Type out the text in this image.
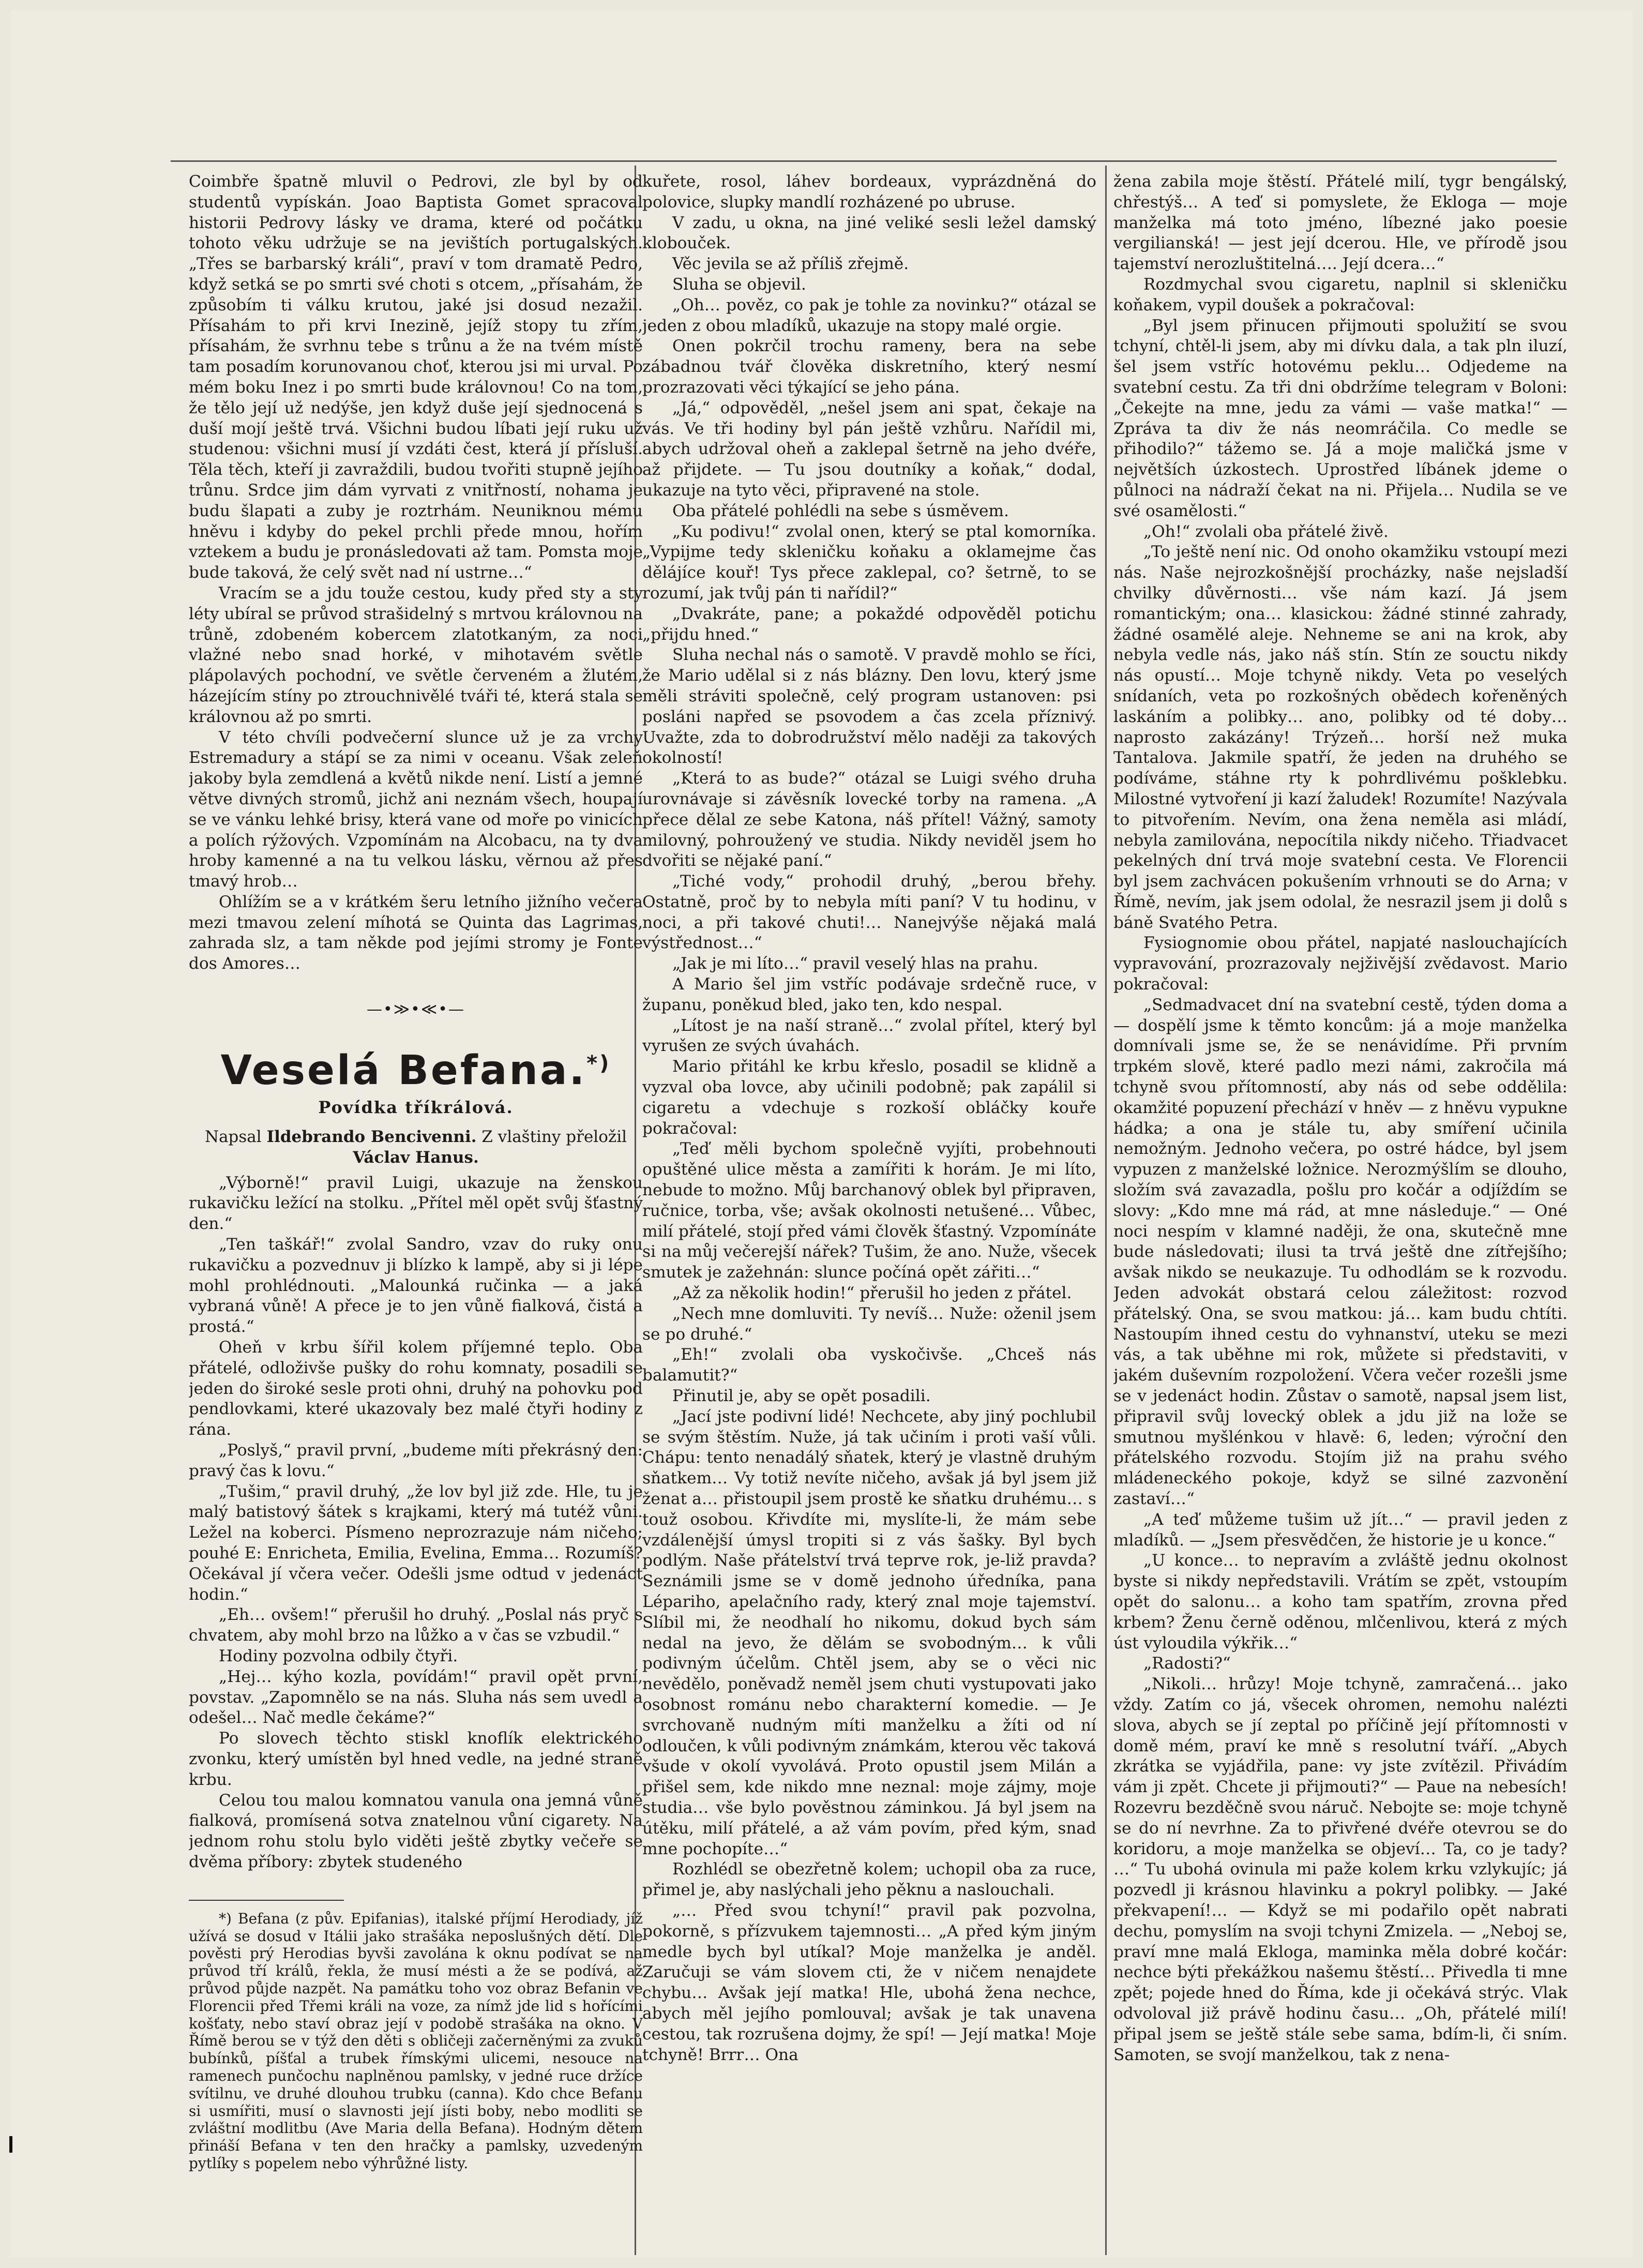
Coimbře špatně mluvil o Pedrovi, zle byl by od studentů vypískán. Joao Baptista Gomet spracoval historii Pedrovy lásky ve drama, které od počátku tohoto věku udržuje se na jevištích portugalských. „Třes se barbarský králi“, praví v tom dramatě Pedro, když setká se po smrti své choti s otcem, „přísahám, že způsobím ti válku krutou, jaké jsi dosud nezažil. Přísahám to při krvi Inezině, jejíž stopy tu zřím, přísahám, že svrhnu tebe s trůnu a že na tvém místě tam posadím korunovanou choť, kterou jsi mi urval. Po mém boku Inez i po smrti bude královnou! Co na tom, že tělo její už nedýše, jen když duše její sjednocená s duší mojí ještě trvá. Všichni budou líbati její ruku už studenou: všichni musí jí vzdáti čest, která jí přísluší. Těla těch, kteří ji zavraždili, budou tvořiti stupně jejího trůnu. Srdce jim dám vyrvati z vnitřností, nohama je budu šlapati a zuby je roztrhám. Neuniknou mému hněvu i kdyby do pekel prchli přede mnou, hořím vztekem a budu je pronásledovati až tam. Pomsta moje bude taková, že celý svět nad ní ustrne…“

Vracím se a jdu touže cestou, kudy před sty a sty léty ubíral se průvod strašidelný s mrtvou královnou na trůně, zdobeném kobercem zlatotkaným, za noci vlažné nebo snad horké, v mihotavém světle plápolavých pochodní, ve světle červeném a žlutém, házejícím stíny po ztrouchnivělé tváři té, která stala se královnou až po smrti.

V této chvíli podvečerní slunce už je za vrchy Estremadury a stápí se za nimi v oceanu. Však zeleň jakoby byla zemdlená a květů nikde není. Listí a jemné větve divných stromů, jichž ani neznám všech, houpají se ve vánku lehké brisy, která vane od moře po vinicích a polích rýžových. Vzpomínám na Alcobacu, na ty dva hroby kamenné a na tu velkou lásku, věrnou až přes tmavý hrob…

Ohlížím se a v krátkém šeru letního jižního večera mezi tmavou zelení míhotá se Quinta das Lagrimas, zahrada slz, a tam někde pod jejími stromy je Fonte dos Amores…

—•≫•≪•—
Veselá Befana.*)
Povídka tříkrálová.
Napsal Ildebrando Bencivenni. Z vlaštiny přeložil Václav Hanus.

„Výborně!“ pravil Luigi, ukazuje na ženskou rukavičku ležící na stolku. „Přítel měl opět svůj šťastný den.“

„Ten taškář!“ zvolal Sandro, vzav do ruky onu rukavičku a pozvednuv ji blízko k lampě, aby si ji lépe mohl prohlédnouti. „Malounká ručinka — a jaká vybraná vůně! A přece je to jen vůně fialková, čistá a prostá.“

Oheň v krbu šířil kolem příjemné teplo. Oba přátelé, odloživše pušky do rohu komnaty, posadili se jeden do široké sesle proti ohni, druhý na pohovku pod pendlovkami, které ukazovaly bez malé čtyři hodiny z rána.

„Poslyš,“ pravil první, „budeme míti překrásný den: pravý čas k lovu.“

„Tušim,“ pravil druhý, „že lov byl již zde. Hle, tu je malý batistový šátek s krajkami, který má tutéž vůni. Ležel na koberci. Písmeno neprozrazuje nám ničeho; pouhé E: Enricheta, Emilia, Evelina, Emma… Rozumíš? Očekával jí včera večer. Odešli jsme odtud v jedenáct hodin.“

„Eh… ovšem!“ přerušil ho druhý. „Poslal nás pryč s chvatem, aby mohl brzo na lůžko a v čas se vzbudil.“

Hodiny pozvolna odbily čtyři.

„Hej… kýho kozla, povídám!“ pravil opět první, povstav. „Zapomnělo se na nás. Sluha nás sem uvedl a odešel… Nač medle čekáme?“

Po slovech těchto stiskl knoflík elektrického zvonku, který umístěn byl hned vedle, na jedné straně krbu.

Celou tou malou komnatou vanula ona jemná vůně fialková, promísená sotva znatelnou vůní cigarety. Na jednom rohu stolu bylo viděti ještě zbytky večeře se dvěma příbory: zbytek studeného

*) Befana (z pův. Epifanias), italské příjmí Herodiady, jíž užívá se dosud v Itálii jako strašáka neposlušných dětí. Dle pověsti prý Herodias byvši zavolána k oknu podívat se na průvod tří králů, řekla, že musí mésti a že se podívá, až průvod půjde nazpět. Na památku toho voz obraz Befanin ve Florencii před Třemi králi na voze, za nímž jde lid s hořícími košťaty, nebo staví obraz její v podobě strašáka na okno. V Římě berou se v týž den děti s obličeji začerněnými za zvuků bubínků, píšťal a trubek římskými ulicemi, nesouce na ramenech punčochu naplněnou pamlsky, v jedné ruce držíce svítilnu, ve druhé dlouhou trubku (canna). Kdo chce Befanu si usmířiti, musí o slavnosti její jísti boby, nebo modliti se zvláštní modlitbu (Ave Maria della Befana). Hodným dětem přináší Befana v ten den hračky a pamlsky, uzvedeným pytlíky s popelem nebo výhrůžné listy.

kuřete, rosol, láhev bordeaux, vyprázdněná do polovice, slupky mandlí rozházené po ubruse.

V zadu, u okna, na jiné veliké sesli ležel damský klobouček.

Věc jevila se až příliš zřejmě.

Sluha se objevil.

„Oh… pověz, co pak je tohle za novinku?“ otázal se jeden z obou mladíků, ukazuje na stopy malé orgie.

Onen pokrčil trochu rameny, bera na sebe zábadnou tvář člověka diskretního, který nesmí prozrazovati věci týkající se jeho pána.

„Já,“ odpověděl, „nešel jsem ani spat, čekaje na vás. Ve tři hodiny byl pán ještě vzhůru. Nařídil mi, abych udržoval oheň a zaklepal šetrně na jeho dvéře, až přijdete. — Tu jsou doutníky a koňak,“ dodal, ukazuje na tyto věci, připravené na stole.

Oba přátelé pohlédli na sebe s úsměvem.

„Ku podivu!“ zvolal onen, který se ptal komorníka. „Vypijme tedy skleničku koňaku a oklamejme čas dělájíce kouř! Tys přece zaklepal, co? šetrně, to se rozumí, jak tvůj pán ti nařídil?“

„Dvakráte, pane; a pokaždé odpověděl potichu „přijdu hned.“

Sluha nechal nás o samotě. V pravdě mohlo se říci, že Mario udělal si z nás blázny. Den lovu, který jsme měli stráviti společně, celý program ustanoven: psi posláni napřed se psovodem a čas zcela příznivý. Uvažte, zda to dobrodružství mělo naději za takových okolností!

„Která to as bude?“ otázal se Luigi svého druha urovnávaje si závěsník lovecké torby na ramena. „A přece dělal ze sebe Katona, náš přítel! Vážný, samoty milovný, pohroužený ve studia. Nikdy neviděl jsem ho dvořiti se nějaké paní.“

„Tiché vody,“ prohodil druhý, „berou břehy. Ostatně, proč by to nebyla míti paní? V tu hodinu, v noci, a při takové chuti!… Nanejvýše nějaká malá výstřednost…“

„Jak je mi líto…“ pravil veselý hlas na prahu.

A Mario šel jim vstříc podávaje srdečně ruce, v županu, poněkud bled, jako ten, kdo nespal.

„Lítost je na naší straně…“ zvolal přítel, který byl vyrušen ze svých úvahách.

Mario přitáhl ke krbu křeslo, posadil se klidně a vyzval oba lovce, aby učinili podobně; pak zapálil si cigaretu a vdechuje s rozkoší obláčky kouře pokračoval:

„Teď měli bychom společně vyjíti, probehnouti opuštěné ulice města a zamířiti k horám. Je mi líto, nebude to možno. Můj barchanový oblek byl připraven, ručnice, torba, vše; avšak okolnosti netušené… Vůbec, milí přátelé, stojí před vámi člověk šťastný. Vzpomínáte si na můj večerejší nářek? Tušim, že ano. Nuže, všecek smutek je zažehnán: slunce počíná opět zářiti…“

„Až za několik hodin!“ přerušil ho jeden z přátel.

„Nech mne domluviti. Ty nevíš… Nuže: oženil jsem se po druhé.“

„Eh!“ zvolali oba vyskočivše. „Chceš nás balamutit?“

Přinutil je, aby se opět posadili.

„Jací jste podivní lidé! Nechcete, aby jiný pochlubil se svým štěstím. Nuže, já tak učiním i proti vaší vůli. Chápu: tento nenadálý sňatek, který je vlastně druhým sňatkem… Vy totiž nevíte ničeho, avšak já byl jsem již ženat a… přistoupil jsem prostě ke sňatku druhému… s touž osobou. Křivdíte mi, myslíte-li, že mám sebe vzdálenější úmysl tropiti si z vás šašky. Byl bych podlým. Naše přátelství trvá teprve rok, je-liž pravda? Seznámili jsme se v domě jednoho úředníka, pana Lépariho, apelačního rady, který znal moje tajemství. Slíbil mi, že neodhalí ho nikomu, dokud bych sám nedal na jevo, že dělám se svobodným… k vůli podivným účelům. Chtěl jsem, aby se o věci nic nevědělo, poněvadž neměl jsem chuti vystupovati jako osobnost románu nebo charakterní komedie. — Je svrchovaně nudným míti manželku a žíti od ní odloučen, k vůli podivným známkám, kterou věc taková všude v okolí vyvolává. Proto opustil jsem Milán a přišel sem, kde nikdo mne neznal: moje zájmy, moje studia… vše bylo pověstnou záminkou. Já byl jsem na útěku, milí přátelé, a až vám povím, před kým, snad mne pochopíte…“

Rozhlédl se obezřetně kolem; uchopil oba za ruce, přimel je, aby naslýchali jeho pěknu a naslouchali.

„… Před svou tchyní!“ pravil pak pozvolna, pokorně, s přízvukem tajemnosti… „A před kým jiným medle bych byl utíkal? Moje manželka je anděl. Zaručuji se vám slovem cti, že v ničem nenajdete chybu… Avšak její matka! Hle, ubohá žena nechce, abych měl jejího pomlouval; avšak je tak unavena cestou, tak rozrušena dojmy, že spí! — Její matka! Moje tchyně! Brrr… Ona

žena zabila moje štěstí. Přátelé milí, tygr bengálský, chřestýš… A teď si pomyslete, že Ekloga — moje manželka má toto jméno, líbezné jako poesie vergilianská! — jest její dcerou. Hle, ve přírodě jsou tajemství nerozluštitelná…. Její dcera…“

Rozdmychal svou cigaretu, naplnil si skleničku koňakem, vypil doušek a pokračoval:

„Byl jsem přinucen přijmouti spolužití se svou tchyní, chtěl-li jsem, aby mi dívku dala, a tak pln iluzí, šel jsem vstříc hotovému peklu… Odjedeme na svatební cestu. Za tři dni obdržíme telegram v Boloni: „Čekejte na mne, jedu za vámi — vaše matka!“ — Zpráva ta div že nás neomráčila. Co medle se přihodilo?“ tážemo se. Já a moje maličká jsme v největších úzkostech. Uprostřed líbánek jdeme o půlnoci na nádraží čekat na ni. Přijela… Nudila se ve své osamělosti.“

„Oh!“ zvolali oba přátelé živě.

„To ještě není nic. Od onoho okamžiku vstoupí mezi nás. Naše nejrozkošnější procházky, naše nejsladší chvilky důvěrnosti… vše nám kazí. Já jsem romantickým; ona… klasickou: žádné stinné zahrady, žádné osamělé aleje. Nehneme se ani na krok, aby nebyla vedle nás, jako náš stín. Stín ze souctu nikdy nás opustí… Moje tchyně nikdy. Veta po veselých snídaních, veta po rozkošných obědech kořeněných laskáním a polibky… ano, polibky od té doby… naprosto zakázány! Trýzeň… horší než muka Tantalova. Jakmile spatří, že jeden na druhého se podíváme, stáhne rty k pohrdlivému pošklebku. Milostné vytvoření ji kazí žaludek! Rozumíte! Nazývala to pitvořením. Nevím, ona žena neměla asi mládí, nebyla zamilována, nepocítila nikdy ničeho. Třiadvacet pekelných dní trvá moje svatební cesta. Ve Florencii byl jsem zachvácen pokušením vrhnouti se do Arna; v Římě, nevím, jak jsem odolal, že nesrazil jsem ji dolů s báně Svatého Petra.

Fysiognomie obou přátel, napjaté naslouchajících vypravování, prozrazovaly nejživější zvědavost. Mario pokračoval:

„Sedmadvacet dní na svatební cestě, týden doma a — dospělí jsme k těmto koncům: já a moje manželka domnívali jsme se, že se nenávidíme. Při prvním trpkém slově, které padlo mezi námi, zakročila má tchyně svou přítomností, aby nás od sebe oddělila: okamžité popuzení přechází v hněv — z hněvu vypukne hádka; a ona je stále tu, aby smíření učinila nemožným. Jednoho večera, po ostré hádce, byl jsem vypuzen z manželské ložnice. Nerozmýšlím se dlouho, složím svá zavazadla, pošlu pro kočár a odjíždím se slovy: „Kdo mne má rád, at mne následuje.“ — Oné noci nespím v klamné naději, že ona, skutečně mne bude následovati; ilusi ta trvá ještě dne zítřejšího; avšak nikdo se neukazuje. Tu odhodlám se k rozvodu. Jeden advokát obstará celou záležitost: rozvod přátelský. Ona, se svou matkou: já… kam budu chtíti. Nastoupím ihned cestu do vyhnanství, uteku se mezi vás, a tak uběhne mi rok, můžete si představiti, v jakém duševním rozpoložení. Včera večer rozešli jsme se v jedenáct hodin. Zůstav o samotě, napsal jsem list, připravil svůj lovecký oblek a jdu již na lože se smutnou myšlénkou v hlavě: 6, leden; výroční den přátelského rozvodu. Stojím již na prahu svého mládeneckého pokoje, když se silné zazvonění zastaví…“

„A teď můžeme tušim už jít…“ — pravil jeden z mladíků. — „Jsem přesvědčen, že historie je u konce.“

„U konce… to nepravím a zvláště jednu okolnost byste si nikdy nepředstavili. Vrátím se zpět, vstoupím opět do salonu… a koho tam spatřím, zrovna před krbem? Ženu černě oděnou, mlčenlivou, která z mých úst vyloudila výkřik…“

„Radosti?“

„Nikoli… hrůzy! Moje tchyně, zamračená… jako vždy. Zatím co já, všecek ohromen, nemohu nalézti slova, abych se jí zeptal po příčině její přítomnosti v domě mém, praví ke mně s resolutní tváří. „Abych zkrátka se vyjádřila, pane: vy jste zvítězil. Přivádím vám ji zpět. Chcete ji přijmouti?“ — Paue na nebesích! Rozevru bezděčně svou náruč. Nebojte se: moje tchyně se do ní nevrhne. Za to přivřené dvéře otevrou se do koridoru, a moje manželka se objeví… Ta, co je tady? …“ Tu ubohá ovinula mi paže kolem krku vzlykujíc; já pozvedl ji krásnou hlavinku a pokryl polibky. — Jaké překvapení!… — Když se mi podařilo opět nabrati dechu, pomyslím na svoji tchyni Zmizela. — „Neboj se, praví mne malá Ekloga, maminka měla dobré kočár: nechce býti překážkou našemu štěstí… Přivedla ti mne zpět; pojede hned do Říma, kde ji očekává strýc. Vlak odvoloval již právě hodinu času… „Oh, přátelé milí! připal jsem se ještě stále sebe sama, bdím-li, či sním. Samoten, se svojí manželkou, tak z nena-
